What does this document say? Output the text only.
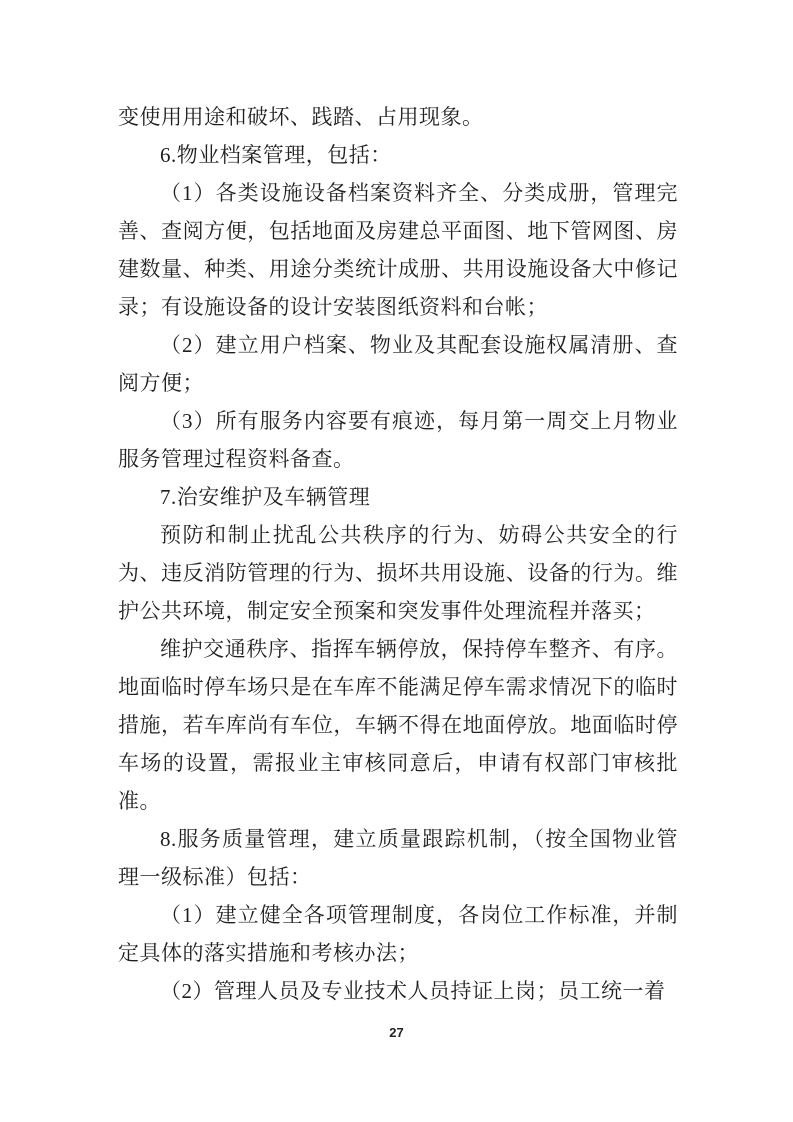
变使用用途和破坏、践踏、占用现象。

6.物业档案管理，包括：

（1）各类设施设备档案资料齐全、分类成册，管理完善、查阅方便，包括地面及房建总平面图、地下管网图、房建数量、种类、用途分类统计成册、共用设施设备大中修记录；有设施设备的设计安装图纸资料和台帐；

（2）建立用户档案、物业及其配套设施权属清册、查阅方便；

（3）所有服务内容要有痕迹，每月第一周交上月物业服务管理过程资料备查。

7.治安维护及车辆管理

预防和制止扰乱公共秩序的行为、妨碍公共安全的行为、违反消防管理的行为、损坏共用设施、设备的行为。维护公共环境，制定安全预案和突发事件处理流程并落买；

维护交通秩序、指挥车辆停放，保持停车整齐、有序。地面临时停车场只是在车库不能满足停车需求情况下的临时措施，若车库尚有车位，车辆不得在地面停放。地面临时停车场的设置，需报业主审核同意后，申请有权部门审核批准。

8.服务质量管理，建立质量跟踪机制，（按全国物业管理一级标准）包括：

（1）建立健全各项管理制度，各岗位工作标准，并制定具体的落实措施和考核办法；

（2）管理人员及专业技术人员持证上岗；员工统一着

27
